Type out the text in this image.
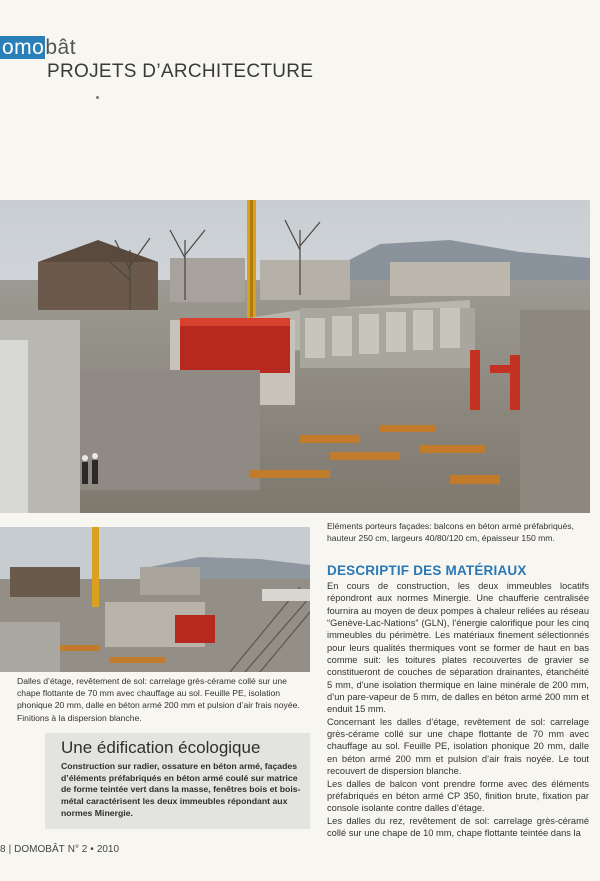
omobât
PROJETS D’ARCHITECTURE
Eléments porteurs façades: balcons en béton armé préfabriqués, hauteur 250 cm, largeurs 40/80/120 cm, épaisseur 150 mm.
Dalles d’étage, revêtement de sol: carrelage grès-cérame collé sur une chape flottante de 70 mm avec chauffage au sol. Feuille PE, isolation phonique 20 mm, dalle en béton armé 200 mm et pulsion d’air frais noyée. Finitions à la dispersion blanche.
DESCRIPTIF DES MATÉRIAUX

En cours de construction, les deux immeubles locatifs répondront aux normes Minergie. Une chaufferie centralisée fournira au moyen de deux pompes à chaleur reliées au réseau “Genève-Lac-Nations” (GLN), l’énergie calorifique pour les cinq immeubles du périmètre. Les matériaux finement sélectionnés pour leurs qualités thermiques vont se former de haut en bas comme suit: les toitures plates recouvertes de gravier se constitueront de couches de séparation drainantes, étanchéité 5 mm, d’une isolation thermique en laine minérale de 200 mm, d’un pare-vapeur de 5 mm, de dalles en béton armé 200 mm et enduit 15 mm.

Concernant les dalles d’étage, revêtement de sol: carrelage grès-cérame collé sur une chape flottante de 70 mm avec chauffage au sol. Feuille PE, isolation phonique 20 mm, dalle en béton armé 200 mm et pulsion d’air frais noyée. Le tout recouvert de dispersion blanche.

Les dalles de balcon vont prendre forme avec des éléments préfabriqués en béton armé CP 350, finition brute, fixation par console isolante contre dalles d’étage.

Les dalles du rez, revêtement de sol: carrelage grès-céramé collé sur une chape de 10 mm, chape flottante teintée dans la

Une édification écologique
Construction sur radier, ossature en béton armé, façades d’éléments préfabriqués en béton armé coulé sur matrice de forme teintée vert dans la masse, fenêtres bois et bois-métal caractérisent les deux immeubles répondant aux normes Minergie.
8 | DOMOBÂT N° 2 • 2010
